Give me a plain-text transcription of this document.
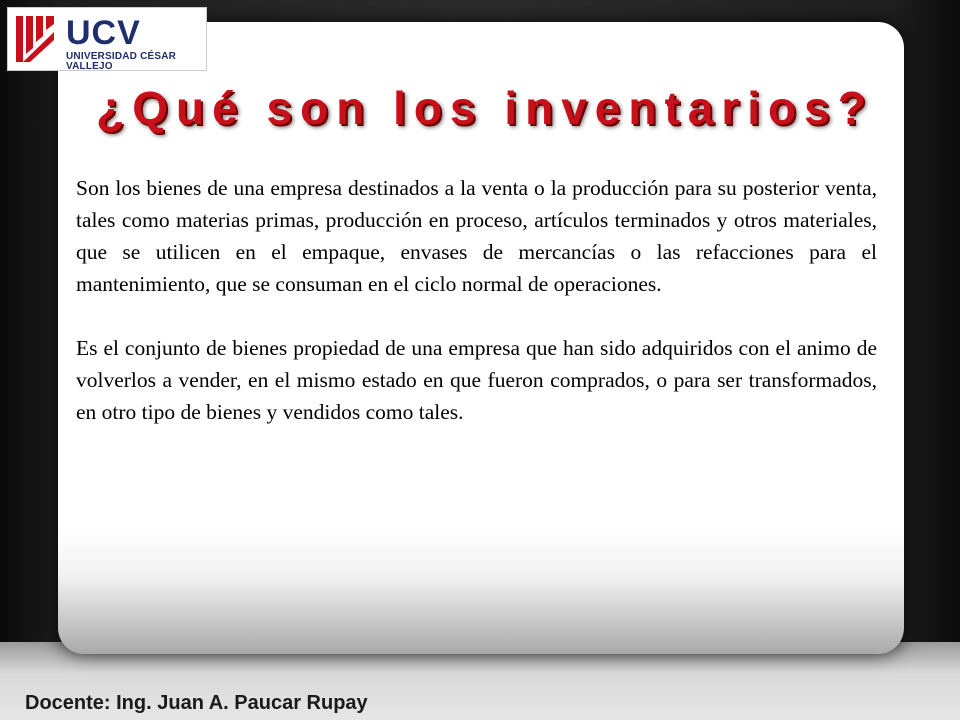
UCV
UNIVERSIDAD CÉSAR VALLEJO
¿Qué son los inventarios?

Son los bienes de una empresa destinados a la venta o la producción para su posterior venta, tales como materias primas, producción en proceso, artículos terminados y otros materiales, que se utilicen en el empaque, envases de mercancías o las refacciones para el mantenimiento, que se consuman en el ciclo normal de operaciones.

Es el conjunto de bienes propiedad de una empresa que han sido adquiridos con el animo de volverlos a vender, en el mismo estado en que fueron comprados, o para ser transformados, en otro tipo de bienes y vendidos como tales.

Docente: Ing. Juan A. Paucar Rupay
